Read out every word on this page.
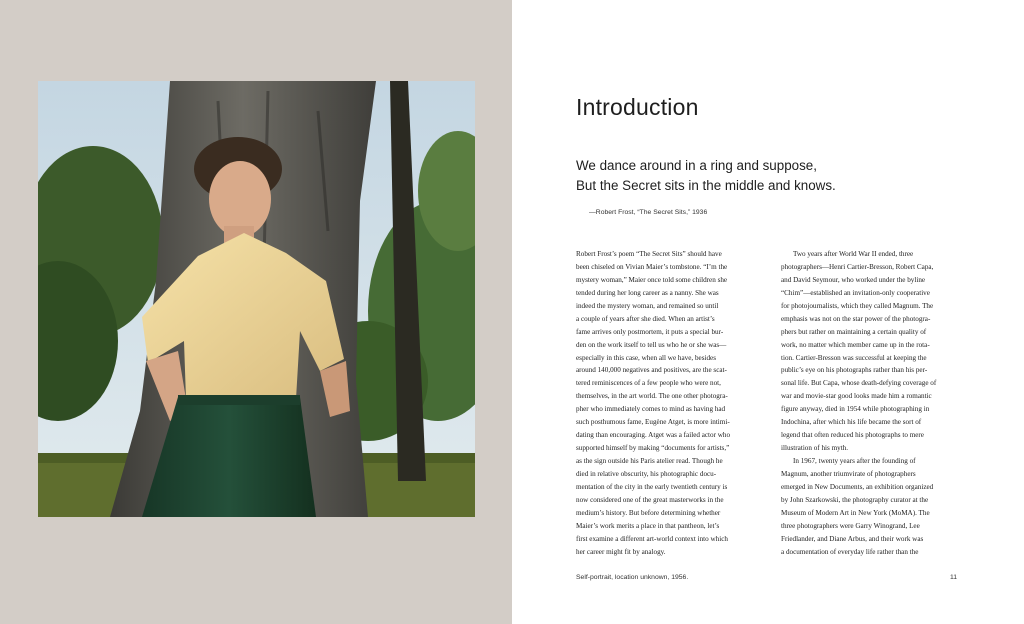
Introduction
We dance around in a ring and suppose,
But the Secret sits in the middle and knows.
—Robert Frost, “The Secret Sits,” 1936
Robert Frost’s poem “The Secret Sits” should have
been chiseled on Vivian Maier’s tombstone. “I’m the
mystery woman,” Maier once told some children she
tended during her long career as a nanny. She was
indeed the mystery woman, and remained so until
a couple of years after she died. When an artist’s
fame arrives only postmortem, it puts a special bur-
den on the work itself to tell us who he or she was—
especially in this case, when all we have, besides
around 140,000 negatives and positives, are the scat-
tered reminiscences of a few people who were not,
themselves, in the art world. The one other photogra-
pher who immediately comes to mind as having had
such posthumous fame, Eugène Atget, is more intimi-
dating than encouraging. Atget was a failed actor who
supported himself by making “documents for artists,”
as the sign outside his Paris atelier read. Though he
died in relative obscurity, his photographic docu-
mentation of the city in the early twentieth century is
now considered one of the great masterworks in the
medium’s history. But before determining whether
Maier’s work merits a place in that pantheon, let’s
first examine a different art-world context into which
her career might fit by analogy.
Two years after World War II ended, three
photographers—Henri Cartier-Bresson, Robert Capa,
and David Seymour, who worked under the byline
“Chim”—established an invitation-only cooperative
for photojournalists, which they called Magnum. The
emphasis was not on the star power of the photogra-
phers but rather on maintaining a certain quality of
work, no matter which member came up in the rota-
tion. Cartier-Bresson was successful at keeping the
public’s eye on his photographs rather than his per-
sonal life. But Capa, whose death-defying coverage of
war and movie-star good looks made him a romantic
figure anyway, died in 1954 while photographing in
Indochina, after which his life became the sort of
legend that often reduced his photographs to mere
illustration of his myth.
In 1967, twenty years after the founding of
Magnum, another triumvirate of photographers
emerged in New Documents, an exhibition organized
by John Szarkowski, the photography curator at the
Museum of Modern Art in New York (MoMA). The
three photographers were Garry Winogrand, Lee
Friedlander, and Diane Arbus, and their work was
a documentation of everyday life rather than the
Self-portrait, location unknown, 1956.	11
